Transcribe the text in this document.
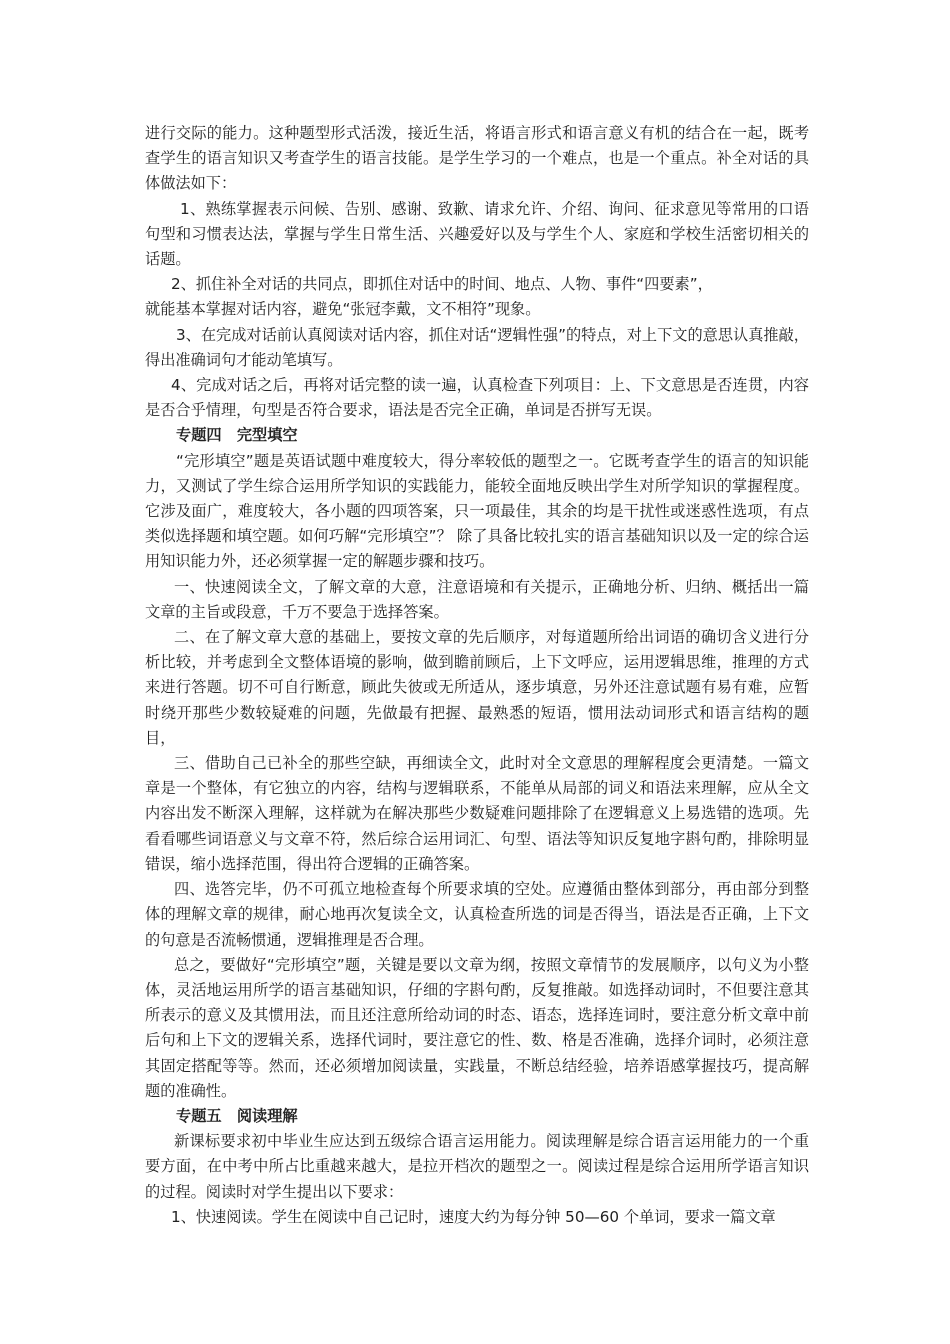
进行交际的能力。这种题型形式活泼，接近生活，将语言形式和语言意义有机的结合在一起，既考查学生的语言知识又考查学生的语言技能。是学生学习的一个难点，也是一个重点。补全对话的具体做法如下：

1、熟练掌握表示问候、告别、感谢、致歉、请求允许、介绍、询问、征求意见等常用的口语句型和习惯表达法，掌握与学生日常生活、兴趣爱好以及与学生个人、家庭和学校生活密切相关的话题。

2、抓住补全对话的共同点，即抓住对话中的时间、地点、人物、事件“四要素”，
就能基本掌握对话内容，避免“张冠李戴，文不相符”现象。

3、在完成对话前认真阅读对话内容，抓住对话“逻辑性强”的特点，对上下文的意思认真推敲，得出准确词句才能动笔填写。

4、完成对话之后，再将对话完整的读一遍，认真检查下列项目：上、下文意思是否连贯，内容是否合乎情理，句型是否符合要求，语法是否完全正确，单词是否拼写无误。

专题四 完型填空

“完形填空”题是英语试题中难度较大，得分率较低的题型之一。它既考查学生的语言的知识能力，又测试了学生综合运用所学知识的实践能力，能较全面地反映出学生对所学知识的掌握程度。它涉及面广，难度较大，各小题的四项答案，只一项最佳，其余的均是干扰性或迷惑性选项，有点类似选择题和填空题。如何巧解“完形填空”？ 除了具备比较扎实的语言基础知识以及一定的综合运用知识能力外，还必须掌握一定的解题步骤和技巧。

一、快速阅读全文，了解文章的大意，注意语境和有关提示，正确地分析、归纳、概括出一篇文章的主旨或段意，千万不要急于选择答案。

二、在了解文章大意的基础上，要按文章的先后顺序，对每道题所给出词语的确切含义进行分析比较，并考虑到全文整体语境的影响，做到瞻前顾后，上下文呼应，运用逻辑思维，推理的方式来进行答题。切不可自行断意，顾此失彼或无所适从，逐步填意，另外还注意试题有易有难，应暂时绕开那些少数较疑难的问题，先做最有把握、最熟悉的短语，惯用法动词形式和语言结构的题目，

三、借助自己已补全的那些空缺，再细读全文，此时对全文意思的理解程度会更清楚。一篇文章是一个整体，有它独立的内容，结构与逻辑联系，不能单从局部的词义和语法来理解，应从全文内容出发不断深入理解，这样就为在解决那些少数疑难问题排除了在逻辑意义上易选错的选项。先看看哪些词语意义与文章不符，然后综合运用词汇、句型、语法等知识反复地字斟句酌，排除明显错误，缩小选择范围，得出符合逻辑的正确答案。

四、选答完毕，仍不可孤立地检查每个所要求填的空处。应遵循由整体到部分，再由部分到整体的理解文章的规律，耐心地再次复读全文，认真检查所选的词是否得当，语法是否正确，上下文的句意是否流畅惯通，逻辑推理是否合理。

总之，要做好“完形填空”题，关键是要以文章为纲，按照文章情节的发展顺序，以句义为小整体，灵活地运用所学的语言基础知识，仔细的字斟句酌，反复推敲。如选择动词时，不但要注意其所表示的意义及其惯用法，而且还注意所给动词的时态、语态，选择连词时，要注意分析文章中前后句和上下文的逻辑关系，选择代词时，要注意它的性、数、格是否准确，选择介词时，必须注意其固定搭配等等。然而，还必须增加阅读量，实践量，不断总结经验，培养语感掌握技巧，提高解题的准确性。

专题五 阅读理解

新课标要求初中毕业生应达到五级综合语言运用能力。阅读理解是综合语言运用能力的一个重要方面，在中考中所占比重越来越大，是拉开档次的题型之一。阅读过程是综合运用所学语言知识的过程。阅读时对学生提出以下要求：

1、快速阅读。学生在阅读中自己记时，速度大约为每分钟 50—60 个单词，要求一篇文章
